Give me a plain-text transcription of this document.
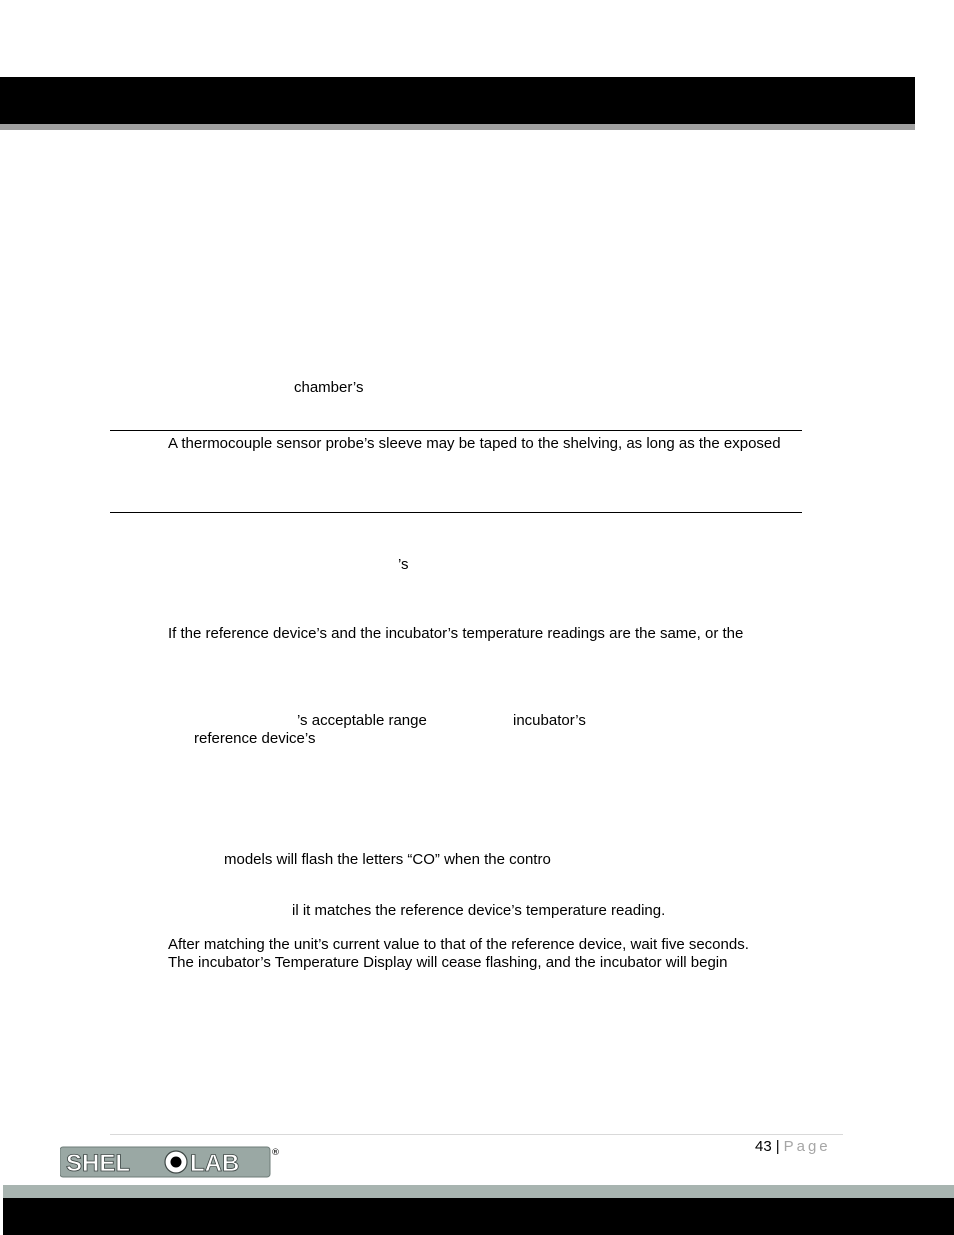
chamber’s
A thermocouple sensor probe’s sleeve may be taped to the shelving, as long as the exposed
’s
If the reference device’s and the incubator’s temperature readings are the same, or the
’s acceptable range	incubator’s
reference device’s
models will flash the letters “CO” when the contro
il it matches the reference device’s temperature reading.
After matching the unit’s current value to that of the reference device, wait five seconds.
The incubator’s Temperature Display will cease flashing, and the incubator will begin
43 | Page
SHEL LAB	®
